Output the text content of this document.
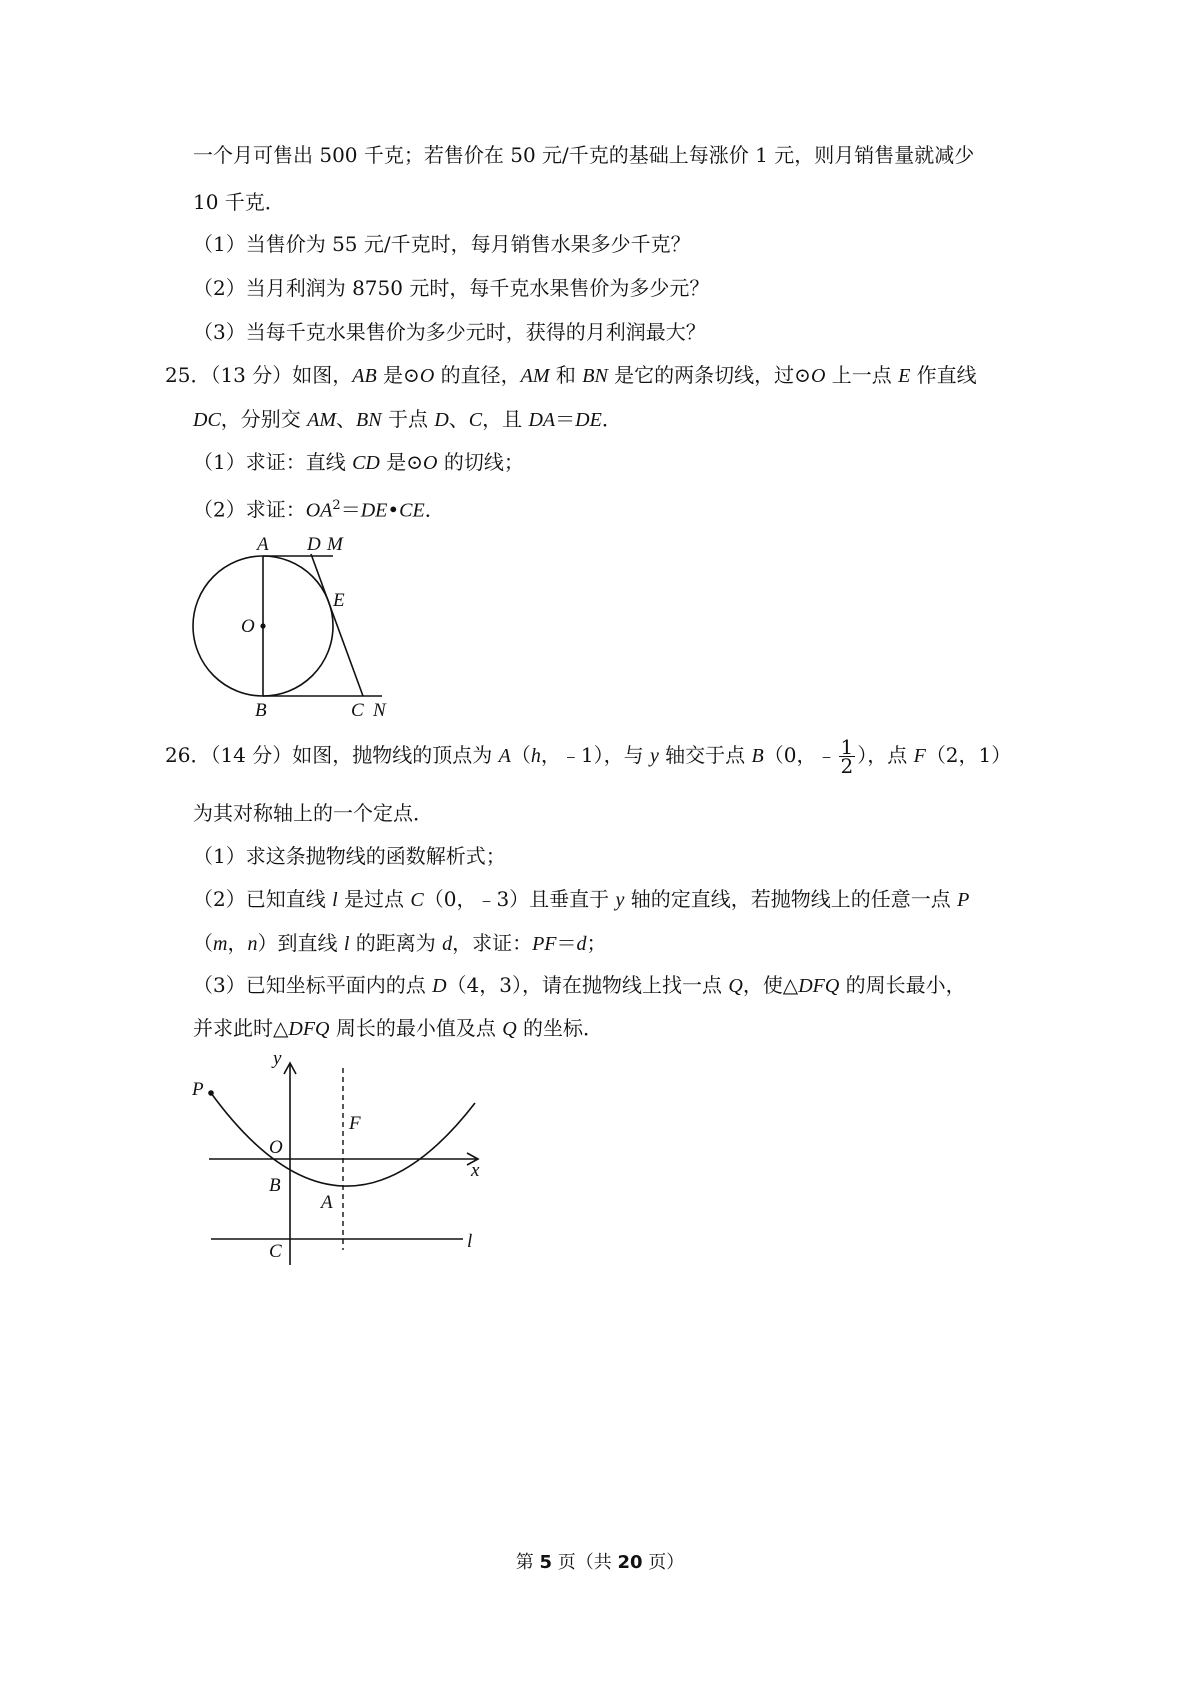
一个月可售出 500 千克；若售价在 50 元/千克的基础上每涨价 1 元，则月销售量就减少
10 千克．
（1）当售价为 55 元/千克时，每月销售水果多少千克？
（2）当月利润为 8750 元时，每千克水果售价为多少元？
（3）当每千克水果售价为多少元时，获得的月利润最大？
25．（13 分）如图，AB 是⊙O 的直径，AM 和 BN 是它的两条切线，过⊙O 上一点 E 作直线
DC，分别交 AM、BN 于点 D、C，且 DA＝DE．
（1）求证：直线 CD 是⊙O 的切线；
（2）求证：$OA^2=DE•CE$．
A D M
E
O
B	C N
26．（14 分）如图，抛物线的顶点为 A（h，﹣1），与 y 轴交于点 B（0，﹣ $\frac{1}{2}$ ），点 F（2，1）
为其对称轴上的一个定点．
（1）求这条抛物线的函数解析式；
（2）已知直线 l 是过点 C（0，﹣3）且垂直于 y 轴的定直线，若抛物线上的任意一点 P
（m，n）到直线 l 的距离为 d，求证：PF＝d；
（3）已知坐标平面内的点 D（4，3），请在抛物线上找一点 Q，使△DFQ 的周长最小，
并求此时△DFQ 周长的最小值及点 Q 的坐标．
y
x
P
F
O
B
A
C	l
第 5 页（共 20 页）
